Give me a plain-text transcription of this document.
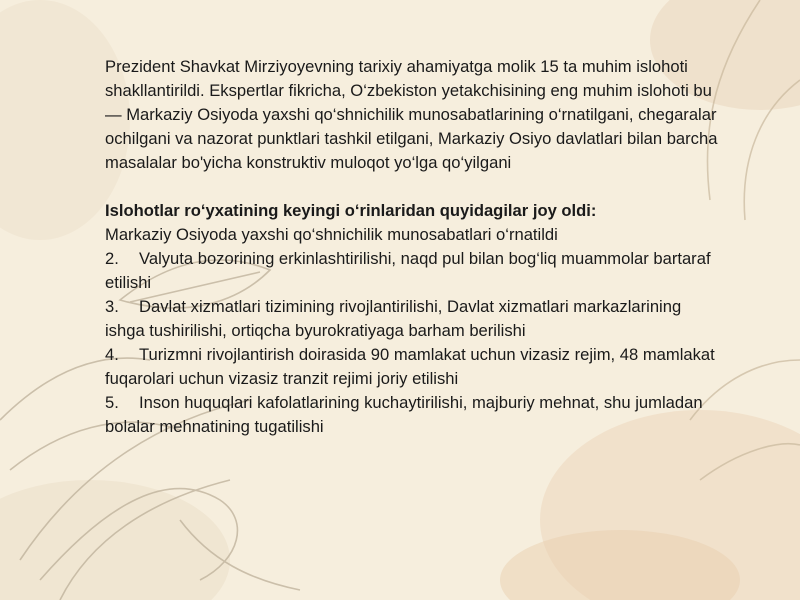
Prezident Shavkat Mirziyoyevning tarixiy ahamiyatga molik 15 ta muhim islohoti shakllantirildi. Ekspertlar fikricha, O‘zbekiston yetakchisining eng muhim islohoti bu — Markaziy Osiyoda yaxshi qo‘shnichilik munosabatlarining o‘rnatilgani, chegaralar ochilgani va nazorat punktlari tashkil etilgani, Markaziy Osiyo davlatlari bilan barcha masalalar bo'yicha konstruktiv muloqot yo‘lga qo‘yilgani

Islohotlar ro‘yxatining keyingi o‘rinlaridan quyidagilar joy oldi:

Markaziy Osiyoda yaxshi qo‘shnichilik munosabatlari o‘rnatildi

2. Valyuta bozorining erkinlashtirilishi, naqd pul bilan bog‘liq muammolar bartaraf etilishi

3. Davlat xizmatlari tizimining rivojlantirilishi, Davlat xizmatlari markazlarining ishga tushirilishi, ortiqcha byurokratiyaga barham berilishi

4. Turizmni rivojlantirish doirasida 90 mamlakat uchun vizasiz rejim, 48 mamlakat fuqarolari uchun vizasiz tranzit rejimi joriy etilishi

5. Inson huquqlari kafolatlarining kuchaytirilishi, majburiy mehnat, shu jumladan bolalar mehnatining tugatilishi
